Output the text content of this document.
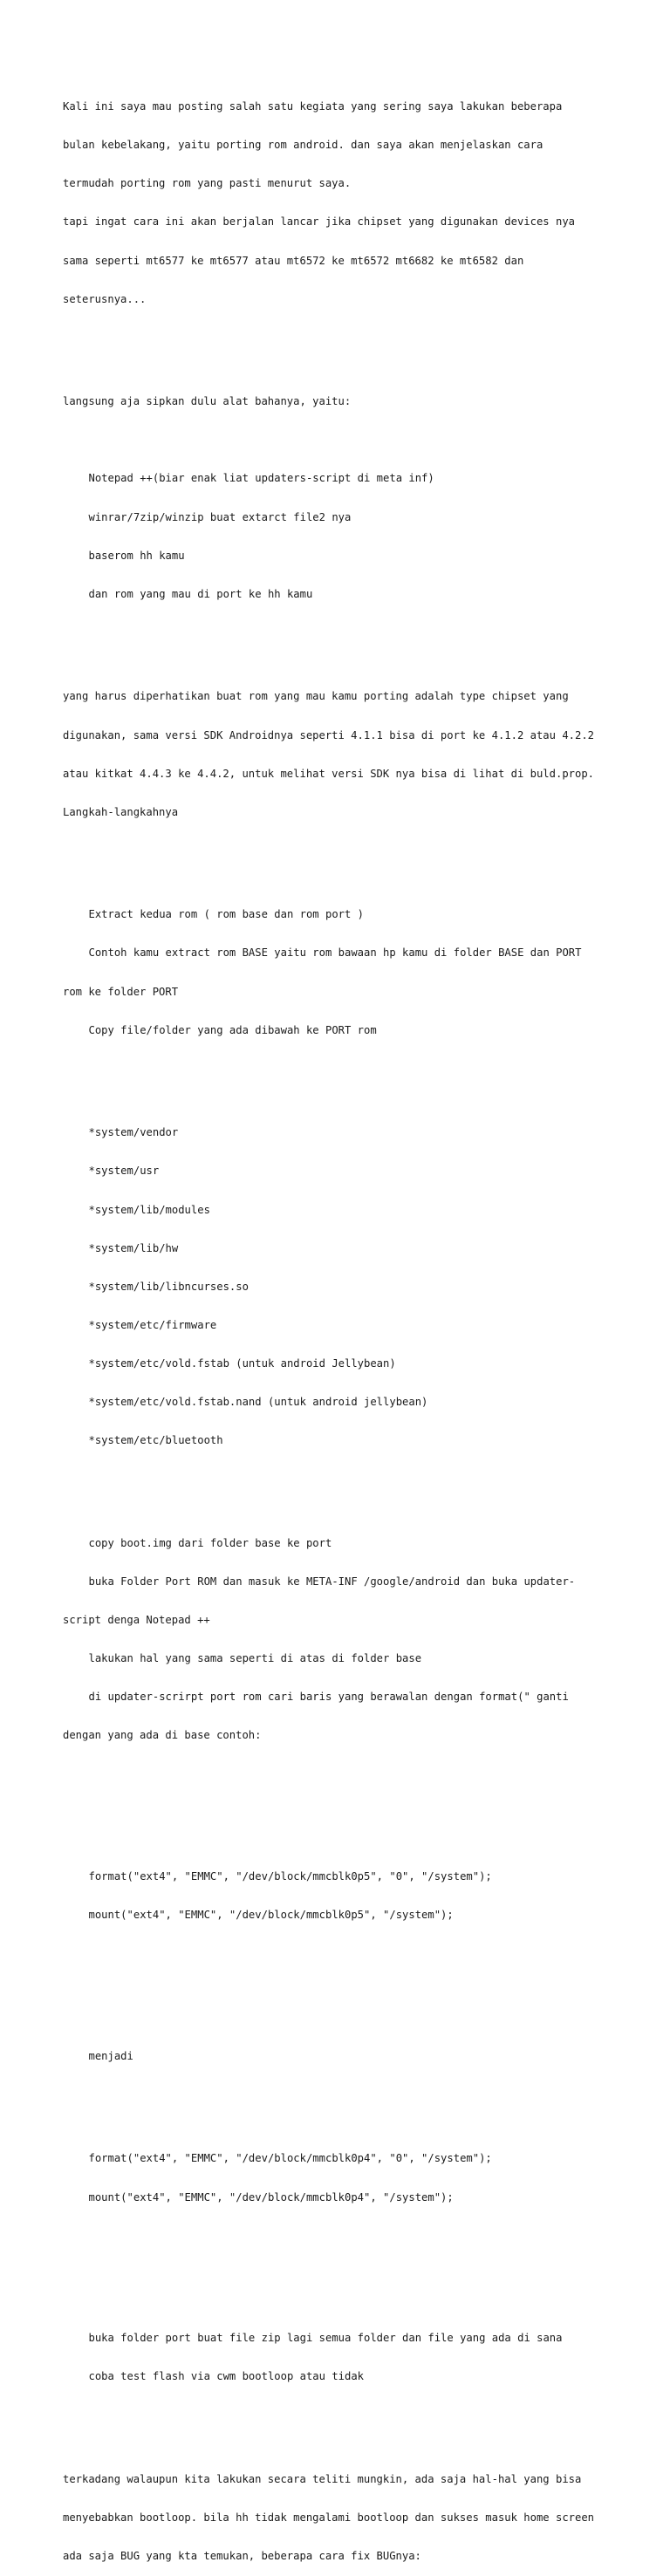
Kali ini saya mau posting salah satu kegiata yang sering saya lakukan beberapa

bulan kebelakang, yaitu porting rom android. dan saya akan menjelaskan cara

termudah porting rom yang pasti menurut saya.

tapi ingat cara ini akan berjalan lancar jika chipset yang digunakan devices nya

sama seperti mt6577 ke mt6577 atau mt6572 ke mt6572 mt6682 ke mt6582 dan

seterusnya...

langsung aja sipkan dulu alat bahanya, yaitu:

Notepad ++(biar enak liat updaters-script di meta inf)

winrar/7zip/winzip buat extarct file2 nya

baserom hh kamu

dan rom yang mau di port ke hh kamu

yang harus diperhatikan buat rom yang mau kamu porting adalah type chipset yang

digunakan, sama versi SDK Androidnya seperti 4.1.1 bisa di port ke 4.1.2 atau 4.2.2

atau kitkat 4.4.3 ke 4.4.2, untuk melihat versi SDK nya bisa di lihat di buld.prop.

Langkah-langkahnya

Extract kedua rom ( rom base dan rom port )

Contoh kamu extract rom BASE yaitu rom bawaan hp kamu di folder BASE dan PORT

rom ke folder PORT

Copy file/folder yang ada dibawah ke PORT rom

*system/vendor

*system/usr

*system/lib/modules

*system/lib/hw

*system/lib/libncurses.so

*system/etc/firmware

*system/etc/vold.fstab (untuk android Jellybean)

*system/etc/vold.fstab.nand (untuk android jellybean)

*system/etc/bluetooth

copy boot.img dari folder base ke port

buka Folder Port ROM dan masuk ke META-INF /google/android dan buka updater-

script denga Notepad ++

lakukan hal yang sama seperti di atas di folder base

di updater-scrirpt port rom cari baris yang berawalan dengan format(" ganti

dengan yang ada di base contoh:

format("ext4", "EMMC", "/dev/block/mmcblk0p5", "0", "/system");

mount("ext4", "EMMC", "/dev/block/mmcblk0p5", "/system");

menjadi

format("ext4", "EMMC", "/dev/block/mmcblk0p4", "0", "/system");

mount("ext4", "EMMC", "/dev/block/mmcblk0p4", "/system");

buka folder port buat file zip lagi semua folder dan file yang ada di sana

coba test flash via cwm bootloop atau tidak

terkadang walaupun kita lakukan secara teliti mungkin, ada saja hal-hal yang bisa

menyebabkan bootloop. bila hh tidak mengalami bootloop dan sukses masuk home screen

ada saja BUG yang kta temukan, beberapa cara fix BUGnya:
